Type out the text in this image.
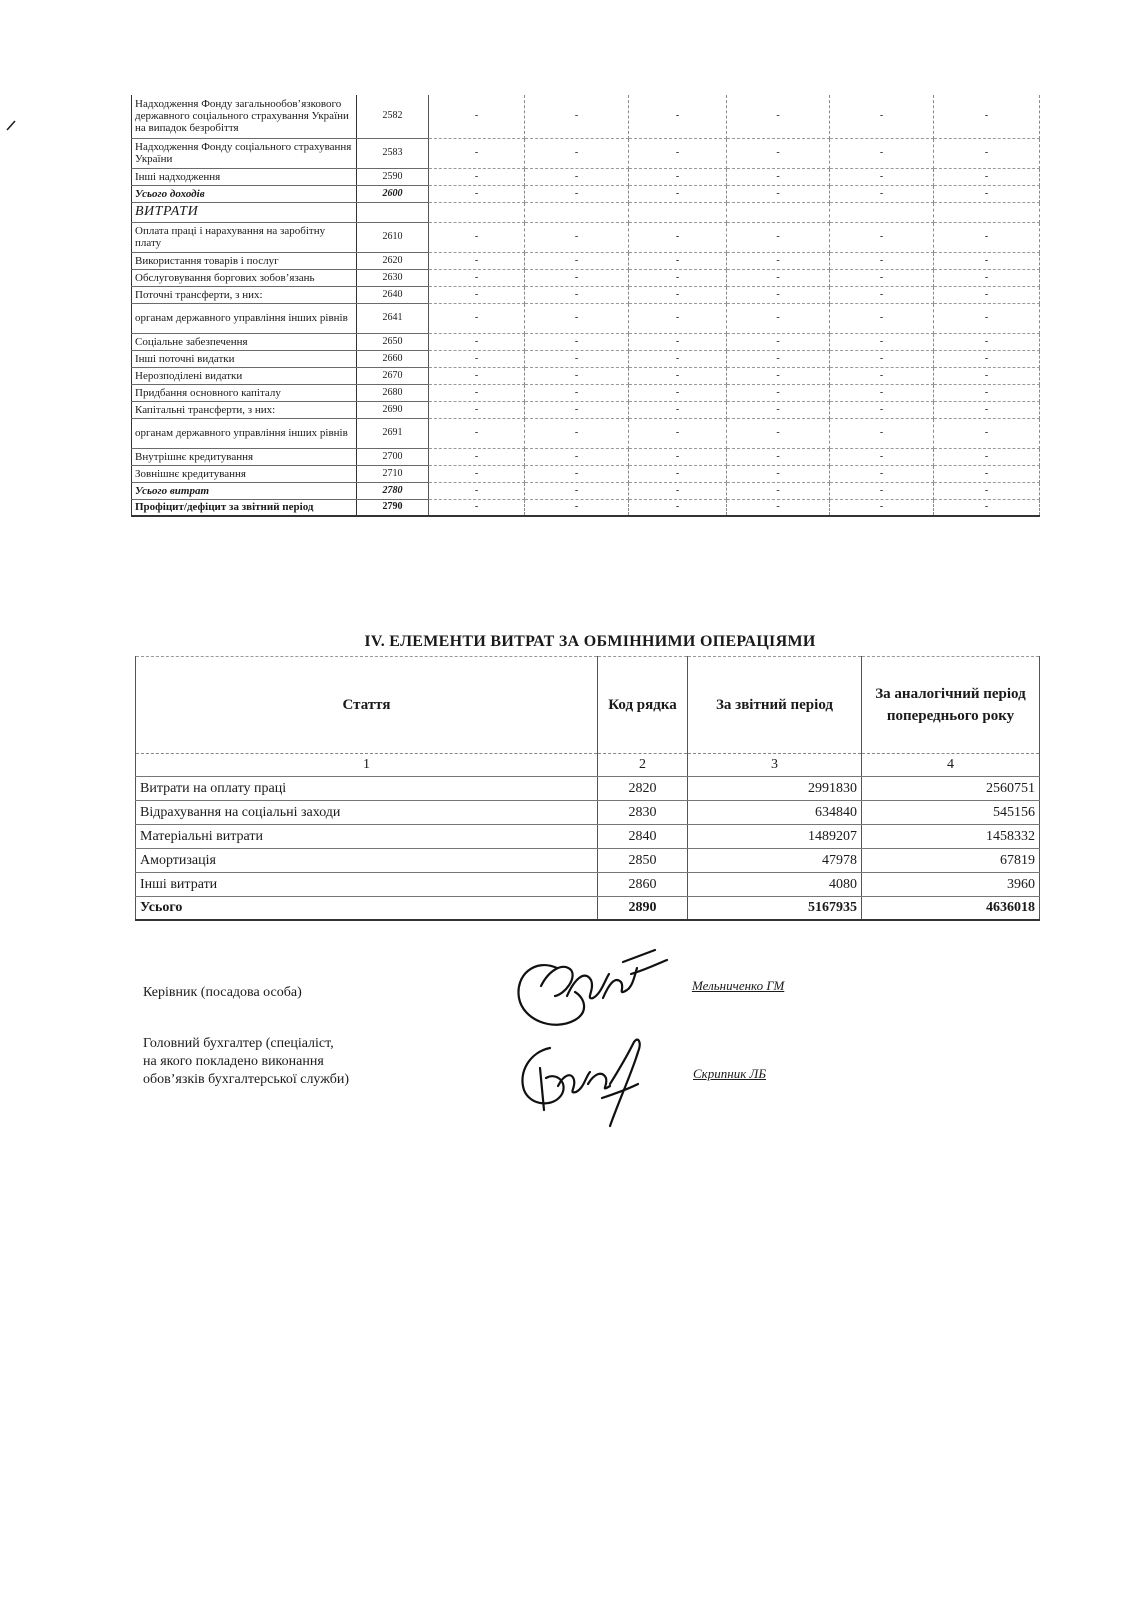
Надходження Фонду загальнообов’язкового державного соціального страхування України на випадок безробіття	2582	-	-	-	-	-	-
Надходження Фонду соціального страхування України	2583	-	-	-	-	-	-
Інші надходження	2590	-	-	-	-	-	-
Усього доходів	2600	-	-	-	-	-	-
ВИТРАТИ							
Оплата праці і нарахування на заробітну плату	2610	-	-	-	-	-	-
Використання товарів і послуг	2620	-	-	-	-	-	-
Обслуговування боргових зобов’язань	2630	-	-	-	-	-	-
Поточні трансферти, з них:	2640	-	-	-	-	-	-
органам державного управління інших рівнів	2641	-	-	-	-	-	-
Соціальне забезпечення	2650	-	-	-	-	-	-
Інші поточні видатки	2660	-	-	-	-	-	-
Нерозподілені видатки	2670	-	-	-	-	-	-
Придбання основного капіталу	2680	-	-	-	-	-	-
Капітальні трансферти, з них:	2690	-	-	-	-	-	-
органам державного управління інших рівнів	2691	-	-	-	-	-	-
Внутрішнє кредитування	2700	-	-	-	-	-	-
Зовнішнє кредитування	2710	-	-	-	-	-	-
Усього витрат	2780	-	-	-	-	-	-
Профіцит/дефіцит за звітний період	2790	-	-	-	-	-	-
IV. ЕЛЕМЕНТИ ВИТРАТ ЗА ОБМІННИМИ ОПЕРАЦІЯМИ
Стаття	Код рядка	За звітний період	За аналогічний період попереднього року
1	2	3	4
Витрати на оплату праці	2820	2991830	2560751
Відрахування на соціальні заходи	2830	634840	545156
Матеріальні витрати	2840	1489207	1458332
Амортизація	2850	47978	67819
Інші витрати	2860	4080	3960
Усього	2890	5167935	4636018
Керівник (посадова особа)	Мельниченко ГМ
Головний бухгалтер (спеціаліст,
на якого покладено виконання
обов’язків бухгалтерської служби)	Скрипник ЛБ
